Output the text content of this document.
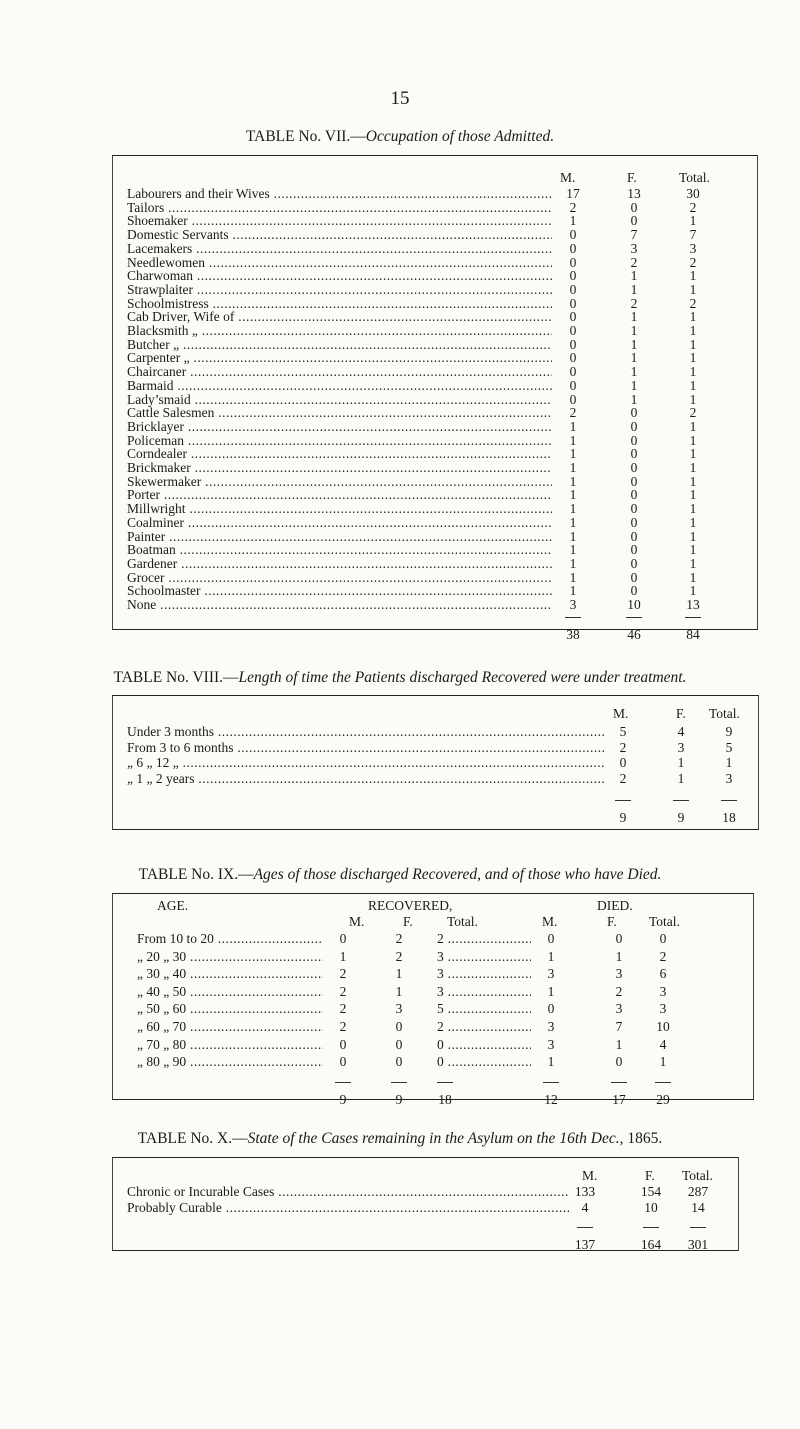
15
TABLE No. VII.—Occupation of those Admitted.
M.	F.	Total.
Labourers and their Wives .....	17	13	30
Tailors .....	2	0	2
Shoemaker .....	1	0	1
Domestic Servants .....	0	7	7
Lacemakers .....	0	3	3
Needlewomen .....	0	2	2
Charwoman .....	0	1	1
Strawplaiter .....	0	1	1
Schoolmistress .....	0	2	2
Cab Driver, Wife of .....	0	1	1
Blacksmith „ .....	0	1	1
Butcher „ .....	0	1	1
Carpenter „ .....	0	1	1
Chaircaner .....	0	1	1
Barmaid .....	0	1	1
Lady’smaid .....	0	1	1
Cattle Salesmen .....	2	0	2
Bricklayer .....	1	0	1
Policeman .....	1	0	1
Corndealer .....	1	0	1
Brickmaker .....	1	0	1
Skewermaker .....	1	0	1
Porter .....	1	0	1
Millwright .....	1	0	1
Coalminer .....	1	0	1
Painter .....	1	0	1
Boatman .....	1	0	1
Gardener .....	1	0	1
Grocer .....	1	0	1
Schoolmaster .....	1	0	1
None .....	3	10	13
38	46	84
TABLE No. VIII.—Length of time the Patients discharged Recovered were under treatment.
M.	F. Total.
Under 3 months .....	5	4	9
From 3 to 6 months .....	2	3	5
„ 6 „ 12 „ .....	0	1	1
„ 1 „ 2 years .....	2	1	3
9	9	18
TABLE No. IX.—Ages of those discharged Recovered, and of those who have Died.
AGE.	RECOVERED,	DIED.
M.	F.	Total.	M.	F. Total.
From 10 to 20 .....	0	2	2 .....	0	0	0
„ 20 „ 30 .....	1	2	3 .....	1	1	2
„ 30 „ 40 .....	2	1	3 .....	3	3	6
„ 40 „ 50 .....	2	1	3 .....	1	2	3
„ 50 „ 60 .....	2	3	5 .....	0	3	3
„ 60 „ 70 .....	2	0	2 .....	3	7	10
„ 70 „ 80 .....	0	0	0 .....	3	1	4
„ 80 „ 90 .....	0	0	0 .....	1	0	1
9	9	18	12	17	29
TABLE No. X.—State of the Cases remaining in the Asylum on the 16th Dec., 1865.
M.	F. Total.
Chronic or Incurable Cases .....	133	154	287
Probably Curable .....	4	10	14
137	164	301
